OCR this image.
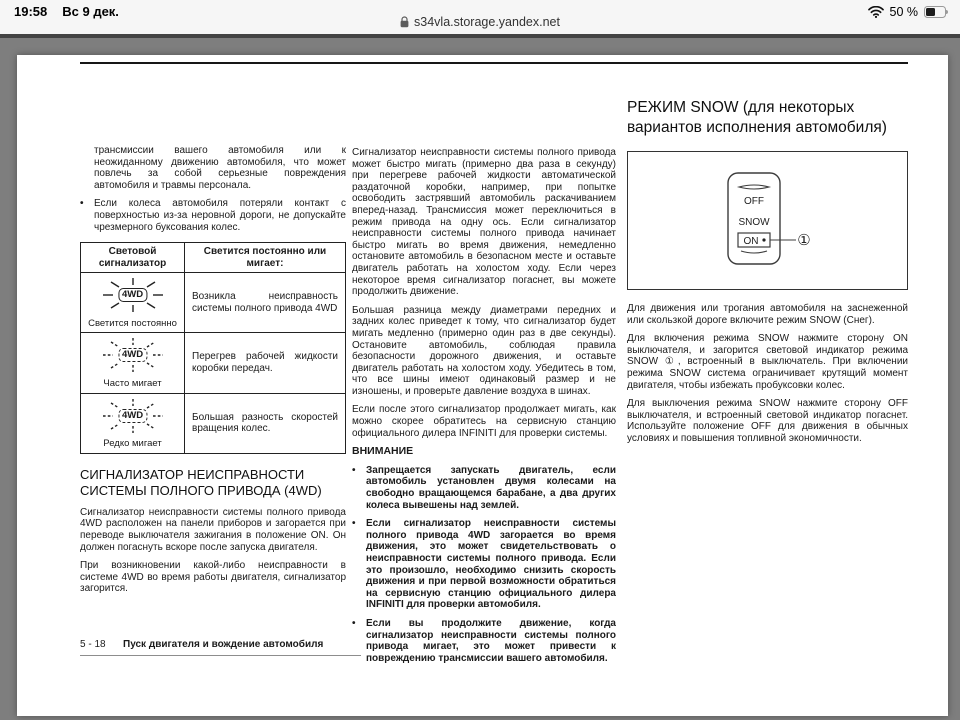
19:58 Вс 9 дек.
s34vla.storage.yandex.net
50 %

трансмиссии вашего автомобиля или к неожиданному движению автомобиля, что может повлечь за собой серьезные повреждения автомобиля и травмы персонала.

•	Если колеса автомобиля потеряли контакт с поверхностью из-за неровной дороги, не допускайте чрезмерного буксования колес.

Световой сигнализатор	Светится постоянно или мигает:

4WD
Светится постоянно	Возникла неисправность системы полного привода 4WD

4WD
Часто мигает	Перегрев рабочей жидкости коробки передач.

4WD
Редко мигает	Большая разность скоростей вращения колес.
СИГНАЛИЗАТОР НЕИСПРАВНОСТИ СИСТЕМЫ ПОЛНОГО ПРИВОДА (4WD)

Сигнализатор неисправности системы полного привода 4WD расположен на панели приборов и загорается при переводе выключателя зажигания в положение ON. Он должен погаснуть вскоре после запуска двигателя.

При возникновении какой-либо неисправности в системе 4WD во время работы двигателя, сигнализатор загорится.

Сигнализатор неисправности системы полного привода может быстро мигать (примерно два раза в секунду) при перегреве рабочей жидкости автоматической раздаточной коробки, например, при попытке освободить застрявший автомобиль раскачиванием вперед-назад. Трансмиссия может переключиться в режим привода на одну ось. Если сигнализатор неисправности системы полного привода начинает быстро мигать во время движения, немедленно остановите автомобиль в безопасном месте и оставьте двигатель работать на холостом ходу. Если через некоторое время сигнализатор погаснет, вы можете продолжить движение.

Большая разница между диаметрами передних и задних колес приведет к тому, что сигнализатор будет мигать медленно (примерно один раз в две секунды). Остановите автомобиль, соблюдая правила безопасности дорожного движения, и оставьте двигатель работать на холостом ходу. Убедитесь в том, что все шины имеют одинаковый размер и не изношены, и проверьте давление воздуха в шинах.

Если после этого сигнализатор продолжает мигать, как можно скорее обратитесь на сервисную станцию официального дилера INFINITI для проверки системы.

ВНИМАНИЕ
•	Запрещается запускать двигатель, если автомобиль установлен двумя колесами на свободно вращающемся барабане, а два других колеса вывешены над землей.
•	Если сигнализатор неисправности системы полного привода 4WD загорается во время движения, это может свидетельствовать о неисправности системы полного привода. Если это произошло, необходимо снизить скорость движения и при первой возможности обратиться на сервисную станцию официального дилера INFINITI для проверки автомобиля.
•	Если вы продолжите движение, когда сигнализатор неисправности системы полного привода мигает, это может привести к повреждению трансмиссии вашего автомобиля.
РЕЖИМ SNOW (для некоторых вариантов исполнения автомобиля)
OFF
SNOW
ON	①

Для движения или трогания автомобиля на заснеженной или скользкой дороге включите режим SNOW (Снег).

Для включения режима SNOW нажмите сторону ON выключателя, и загорится световой индикатор режима SNOW ①, встроенный в выключатель. При включении режима SNOW система ограничивает крутящий момент двигателя, чтобы избежать пробуксовки колес.

Для выключения режима SNOW нажмите сторону OFF выключателя, и встроенный световой индикатор погаснет. Используйте положение OFF для движения в обычных условиях и повышения топливной экономичности.

5 - 18	Пуск двигателя и вождение автомобиля
